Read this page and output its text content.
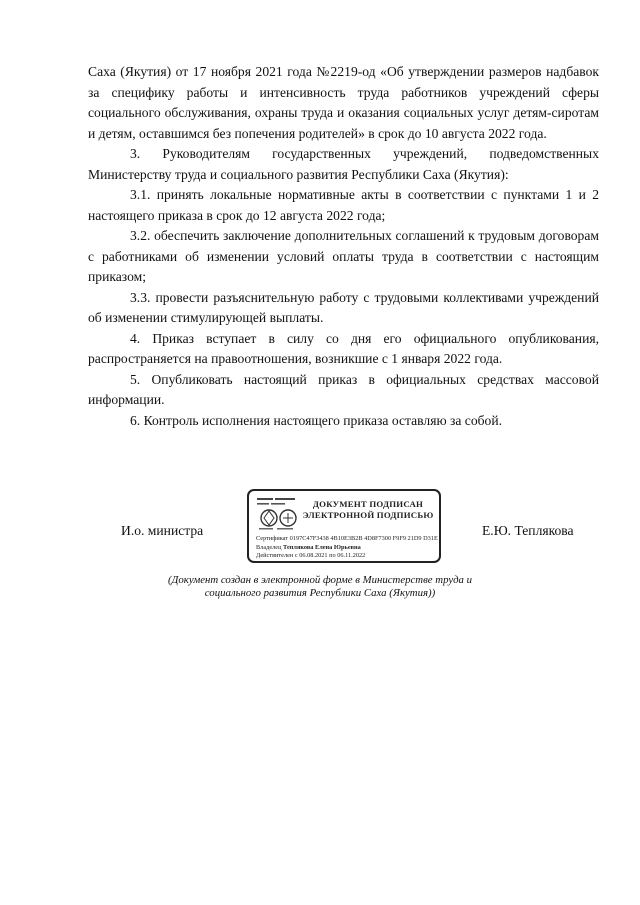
Саха (Якутия) от 17 ноября 2021 года №2219-од «Об утверждении размеров надбавок за специфику работы и интенсивность труда работников учреждений сферы социального обслуживания, охраны труда и оказания социальных услуг детям-сиротам и детям, оставшимся без попечения родителей» в срок до 10 августа 2022 года.

3. Руководителям государственных учреждений, подведомственных Министерству труда и социального развития Республики Саха (Якутия):

3.1. принять локальные нормативные акты в соответствии с пунктами 1 и 2 настоящего приказа в срок до 12 августа 2022 года;

3.2. обеспечить заключение дополнительных соглашений к трудовым договорам с работниками об изменении условий оплаты труда в соответствии с настоящим приказом;

3.3. провести разъяснительную работу с трудовыми коллективами учреждений об изменении стимулирующей выплаты.

4. Приказ вступает в силу со дня его официального опубликования, распространяется на правоотношения, возникшие с 1 января 2022 года.

5. Опубликовать настоящий приказ в официальных средствах массовой информации.

6. Контроль исполнения настоящего приказа оставляю за собой.

И.о. министра
ДОКУМЕНТ ПОДПИСАН ЭЛЕКТРОННОЙ ПОДПИСЬЮ
Сертификат 0197C47F3438 4B10E3B2B 4D8F7300 F9F9 21D9 D31E
Владелец Теплякова Елена Юрьевна
Действителен с 06.08.2021 по 06.11.2022
Е.Ю. Теплякова
(Документ создан в электронной форме в Министерстве труда и социального развития Республики Саха (Якутия))
